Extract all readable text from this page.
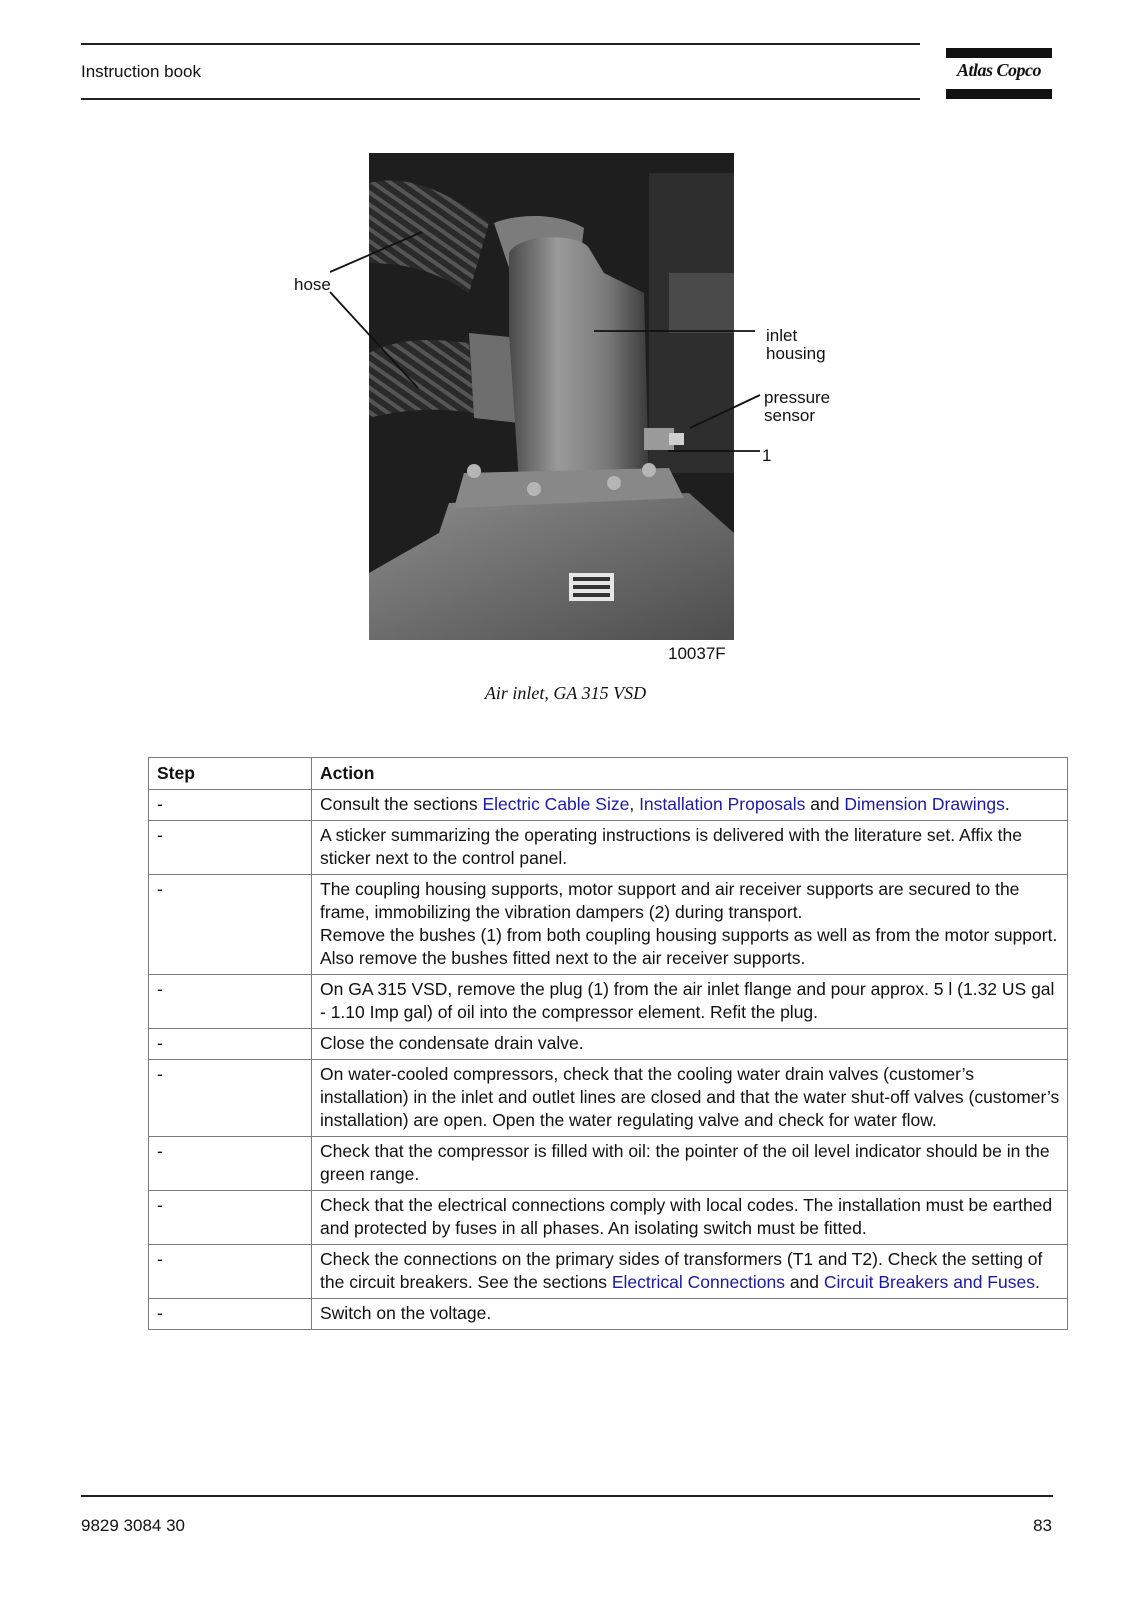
Instruction book	Atlas Copco
hose
inlet
housing
pressure
sensor
1
10037F
Air inlet, GA 315 VSD
Step	Action
-	Consult the sections Electric Cable Size, Installation Proposals and Dimension Drawings.
-	A sticker summarizing the operating instructions is delivered with the literature set. Affix the sticker next to the control panel.
-	The coupling housing supports, motor support and air receiver supports are secured to the frame, immobilizing the vibration dampers (2) during transport.
Remove the bushes (1) from both coupling housing supports as well as from the motor support. Also remove the bushes fitted next to the air receiver supports.
-	On GA 315 VSD, remove the plug (1) from the air inlet flange and pour approx. 5 l (1.32 US gal - 1.10 Imp gal) of oil into the compressor element. Refit the plug.
-	Close the condensate drain valve.
-	On water-cooled compressors, check that the cooling water drain valves (customer’s installation) in the inlet and outlet lines are closed and that the water shut-off valves (customer’s installation) are open. Open the water regulating valve and check for water flow.
-	Check that the compressor is filled with oil: the pointer of the oil level indicator should be in the green range.
-	Check that the electrical connections comply with local codes. The installation must be earthed and protected by fuses in all phases. An isolating switch must be fitted.
-	Check the connections on the primary sides of transformers (T1 and T2). Check the setting of the circuit breakers. See the sections Electrical Connections and Circuit Breakers and Fuses.
-	Switch on the voltage.
9829 3084 30	83
